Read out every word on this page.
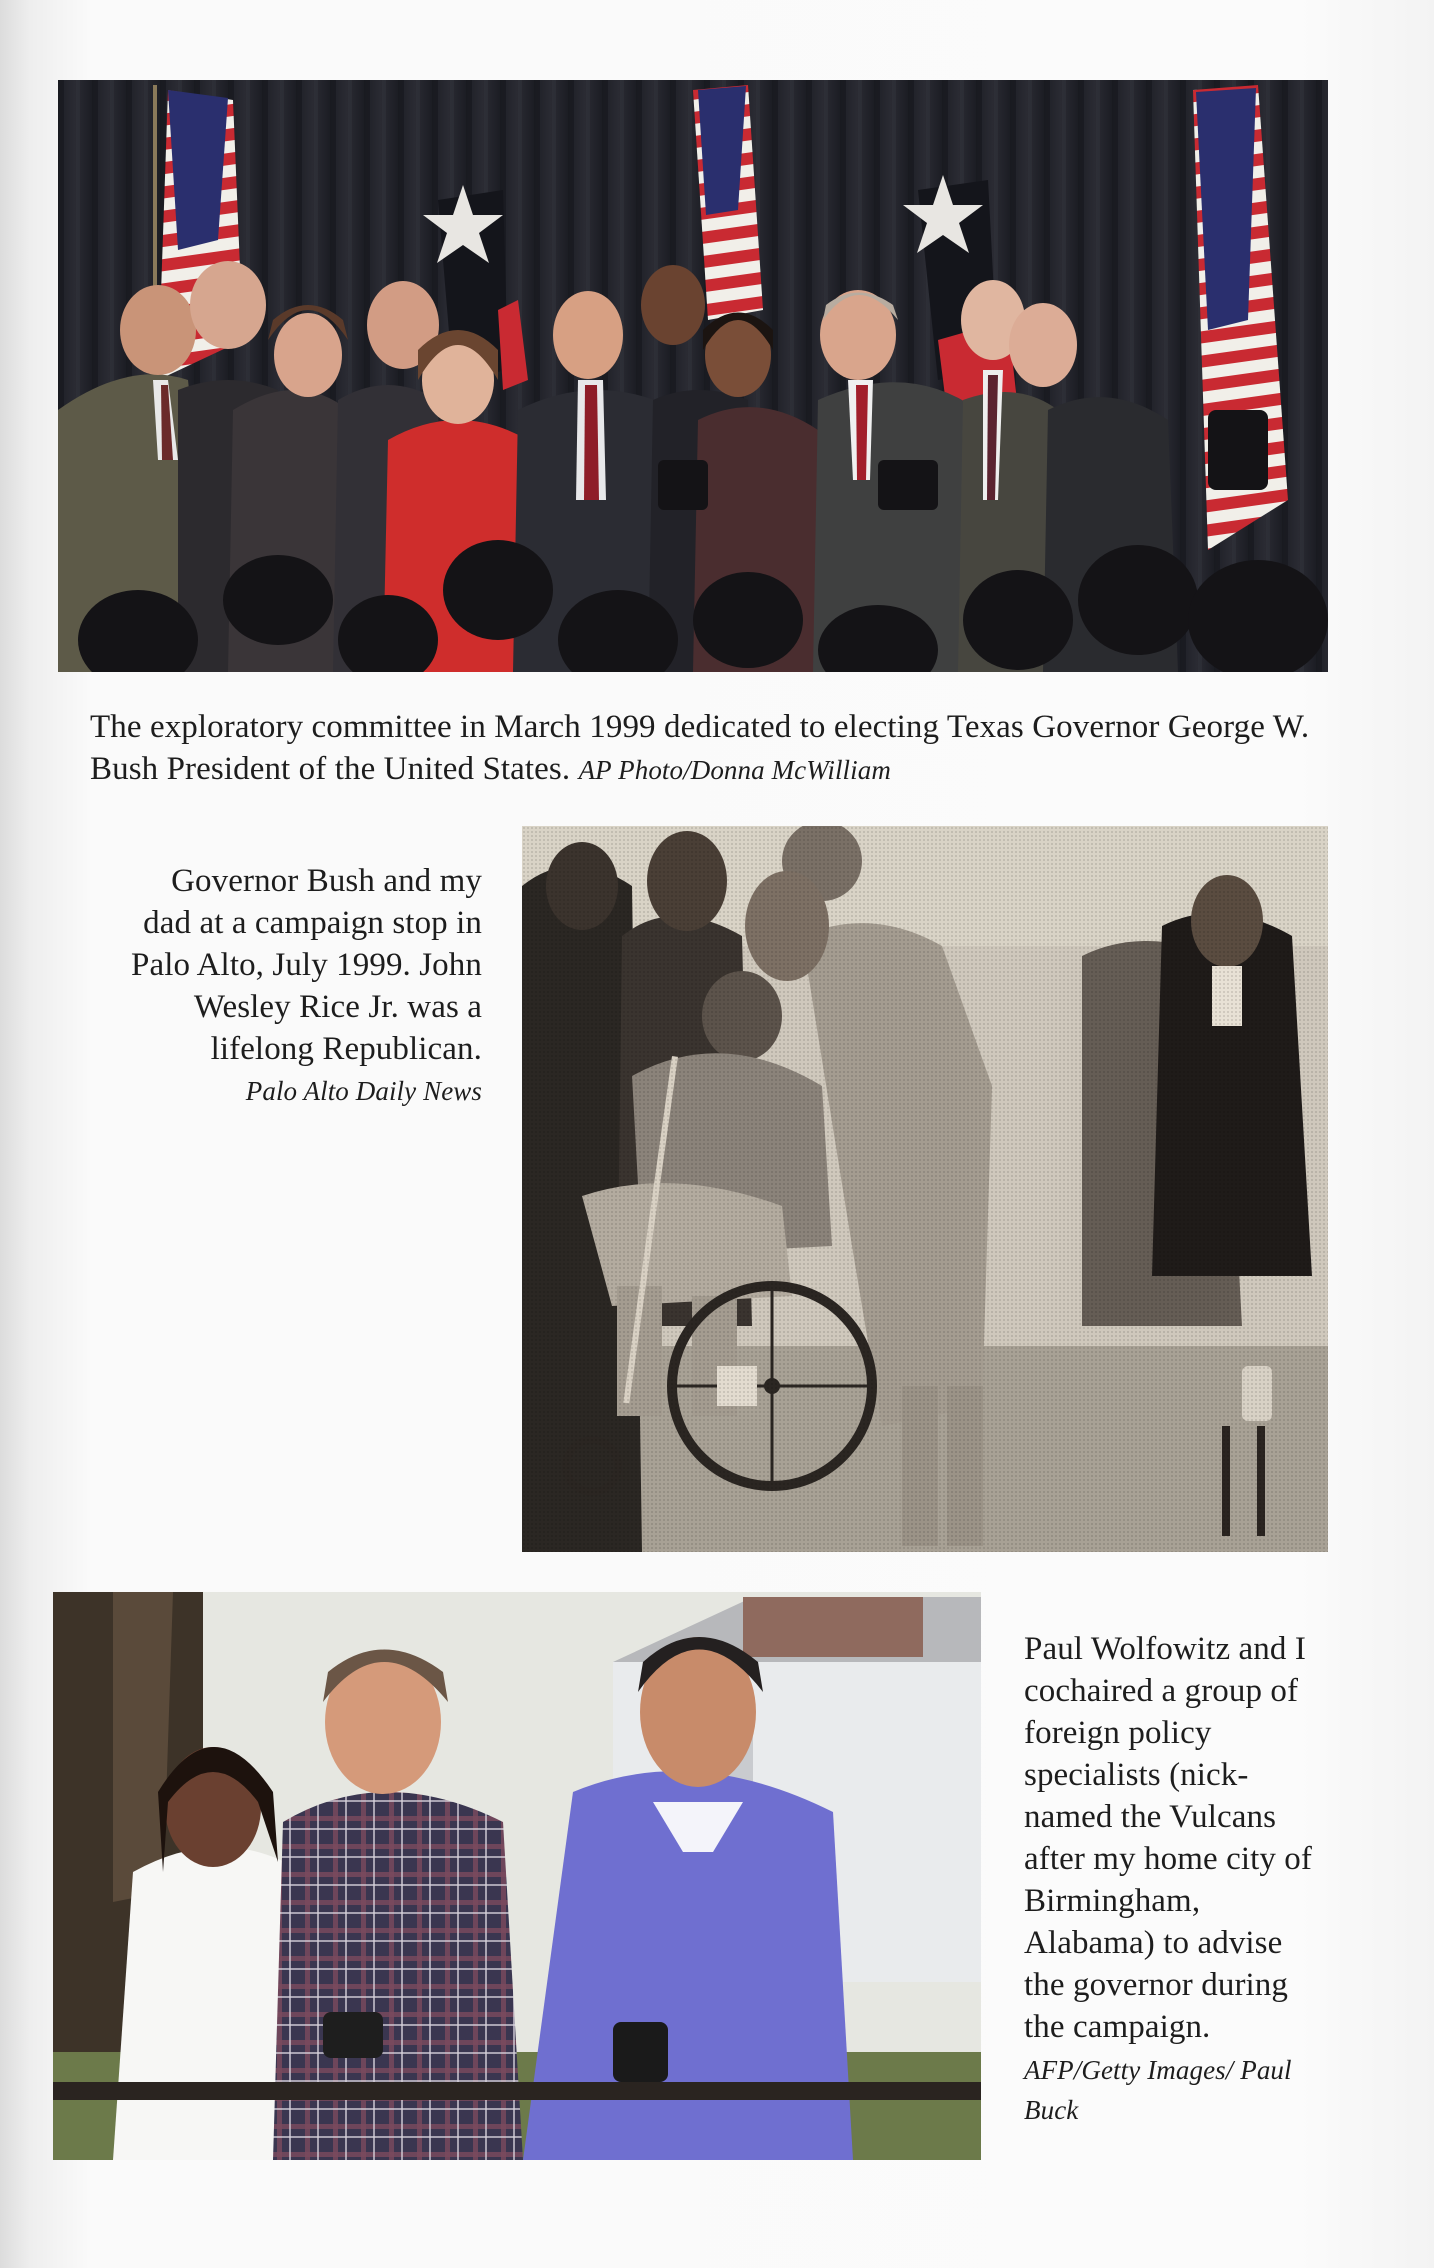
The exploratory committee in March 1999 dedicated to electing Texas Governor George W. Bush President of the United States. AP Photo/Donna McWilliam
Governor Bush and my dad at a campaign stop in Palo Alto, July 1999. John Wesley Rice Jr. was a lifelong Republican.
Palo Alto Daily News
Paul Wolfowitz and I cochaired a group of foreign policy specialists (nick-named the Vulcans after my home city of Birmingham, Alabama) to advise the governor during the campaign.
AFP/Getty Images/ Paul Buck
